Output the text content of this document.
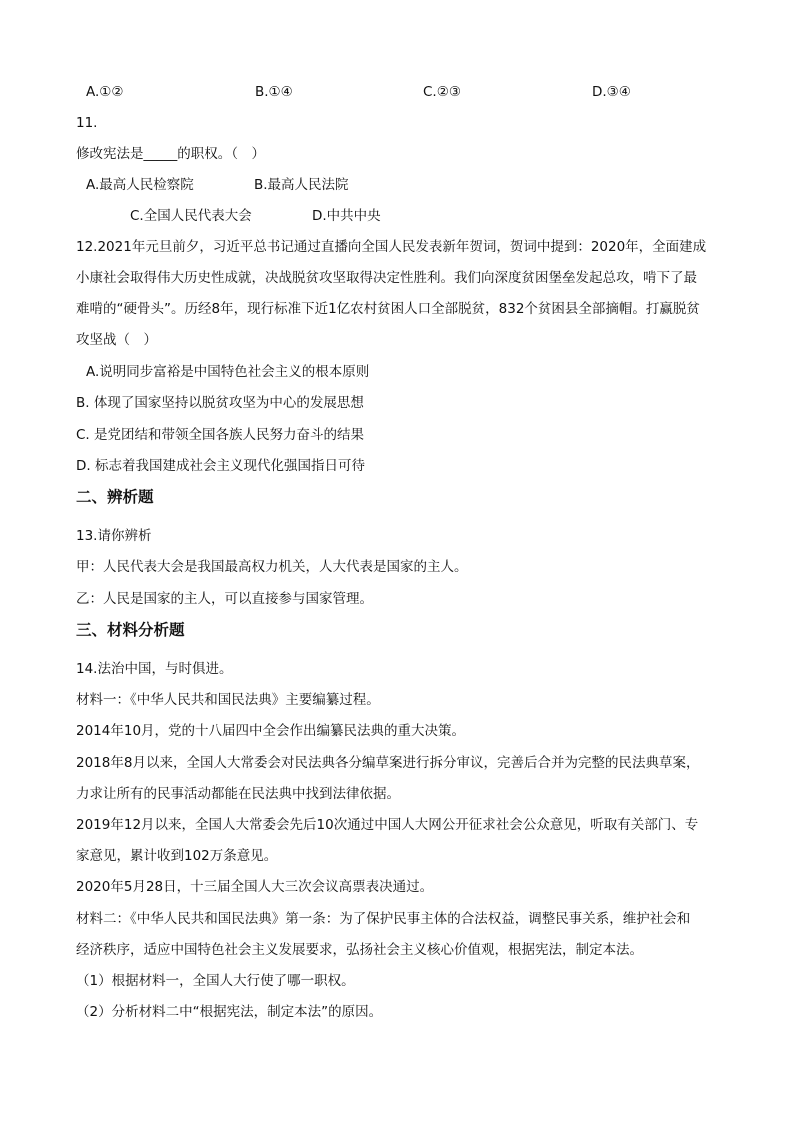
A.①②	B.①④	C.②③	D.③④
11.
修改宪法是_____的职权。（　）
A.最高人民检察院	B.最高人民法院
C.全国人民代表大会	D.中共中央
12.2021年元旦前夕，习近平总书记通过直播向全国人民发表新年贺词，贺词中提到：2020年，全面建成
小康社会取得伟大历史性成就，决战脱贫攻坚取得决定性胜利。我们向深度贫困堡垒发起总攻，啃下了最
难啃的“硬骨头”。历经8年，现行标准下近1亿农村贫困人口全部脱贫，832个贫困县全部摘帽。打赢脱贫
攻坚战（　）
A.说明同步富裕是中国特色社会主义的根本原则
B. 体现了国家坚持以脱贫攻坚为中心的发展思想
C. 是党团结和带领全国各族人民努力奋斗的结果
D. 标志着我国建成社会主义现代化强国指日可待
二、辨析题
13.请你辨析
甲：人民代表大会是我国最高权力机关，人大代表是国家的主人。
乙：人民是国家的主人，可以直接参与国家管理。
三、材料分析题
14.法治中国，与时俱进。
材料一：《中华人民共和国民法典》主要编纂过程。
2014年10月，党的十八届四中全会作出编纂民法典的重大决策。
2018年8月以来，全国人大常委会对民法典各分编草案进行拆分审议，完善后合并为完整的民法典草案，
力求让所有的民事活动都能在民法典中找到法律依据。
2019年12月以来，全国人大常委会先后10次通过中国人大网公开征求社会公众意见，听取有关部门、专
家意见，累计收到102万条意见。
2020年5月28日，十三届全国人大三次会议高票表决通过。
材料二：《中华人民共和国民法典》第一条：为了保护民事主体的合法权益，调整民事关系，维护社会和
经济秩序，适应中国特色社会主义发展要求，弘扬社会主义核心价值观，根据宪法，制定本法。
（1）根据材料一，全国人大行使了哪一职权。
（2）分析材料二中“根据宪法，制定本法”的原因。
